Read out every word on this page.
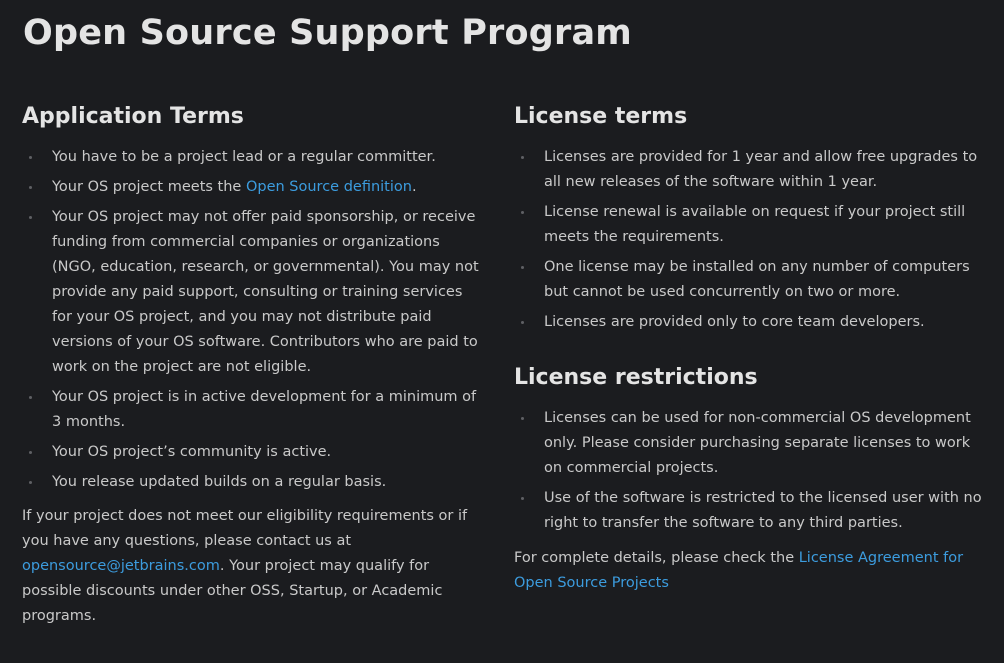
Open Source Support Program
Application Terms
You have to be a project lead or a regular committer.
Your OS project meets the Open Source definition.
Your OS project may not offer paid sponsorship, or receive funding from commercial companies or organizations (NGO, education, research, or governmental). You may not provide any paid support, consulting or training services for your OS project, and you may not distribute paid versions of your OS software. Contributors who are paid to work on the project are not eligible.
Your OS project is in active development for a minimum of 3 months.
Your OS project’s community is active.
You release updated builds on a regular basis.

If your project does not meet our eligibility requirements or if you have any questions, please contact us at opensource@jetbrains.com. Your project may qualify for possible discounts under other OSS, Startup, or Academic programs.

License terms
Licenses are provided for 1 year and allow free upgrades to all new releases of the software within 1 year.
License renewal is available on request if your project still meets the requirements.
One license may be installed on any number of computers but cannot be used concurrently on two or more.
Licenses are provided only to core team developers.
License restrictions
Licenses can be used for non-commercial OS development only. Please consider purchasing separate licenses to work on commercial projects.
Use of the software is restricted to the licensed user with no right to transfer the software to any third parties.

For complete details, please check the License Agreement for Open Source Projects
